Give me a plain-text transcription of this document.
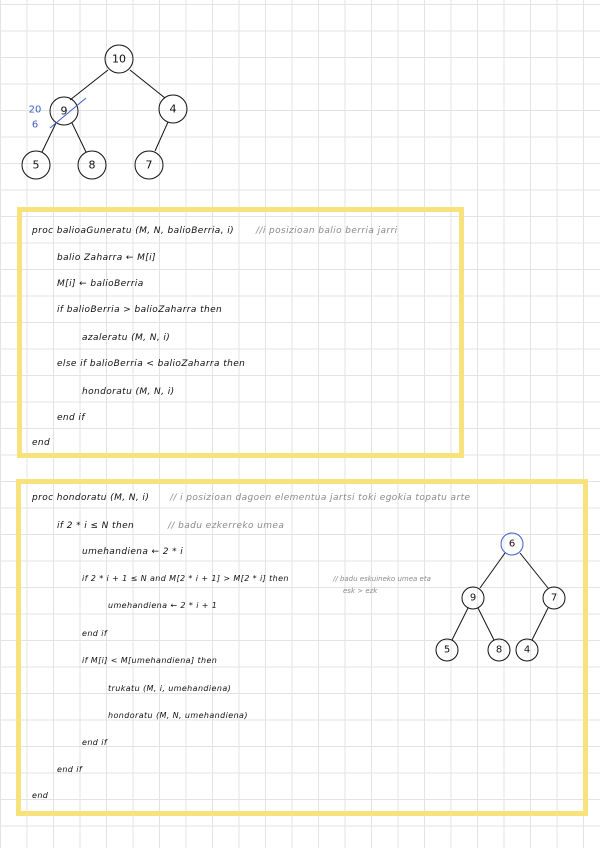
10
9	4
5	8	7
20
6
proc balioaGuneratu (M, N, balioBerria, i) //i posizioan balio berria jarri
balio Zaharra ← M[i]
M[i] ← balioBerria
if balioBerria > balioZaharra then
azaleratu (M, N, i)
else if balioBerria < balioZaharra then
hondoratu (M, N, i)
end if
end
proc hondoratu (M, N, i) // i posizioan dagoen elementua jartsi toki egokia topatu arte
if 2 * i ≤ N then	// badu ezkerreko umea
umehandiena ← 2 * i
if 2 * i + 1 ≤ N and M[2 * i + 1] > M[2 * i] then	// badu eskuineko umea eta
esk > ezk
umehandiena ← 2 * i + 1
end if
if M[i] < M[umehandiena] then
trukatu (M, i, umehandiena)
hondoratu (M, N, umehandiena)
end if
end if
end
6
9	7
5	8 4
